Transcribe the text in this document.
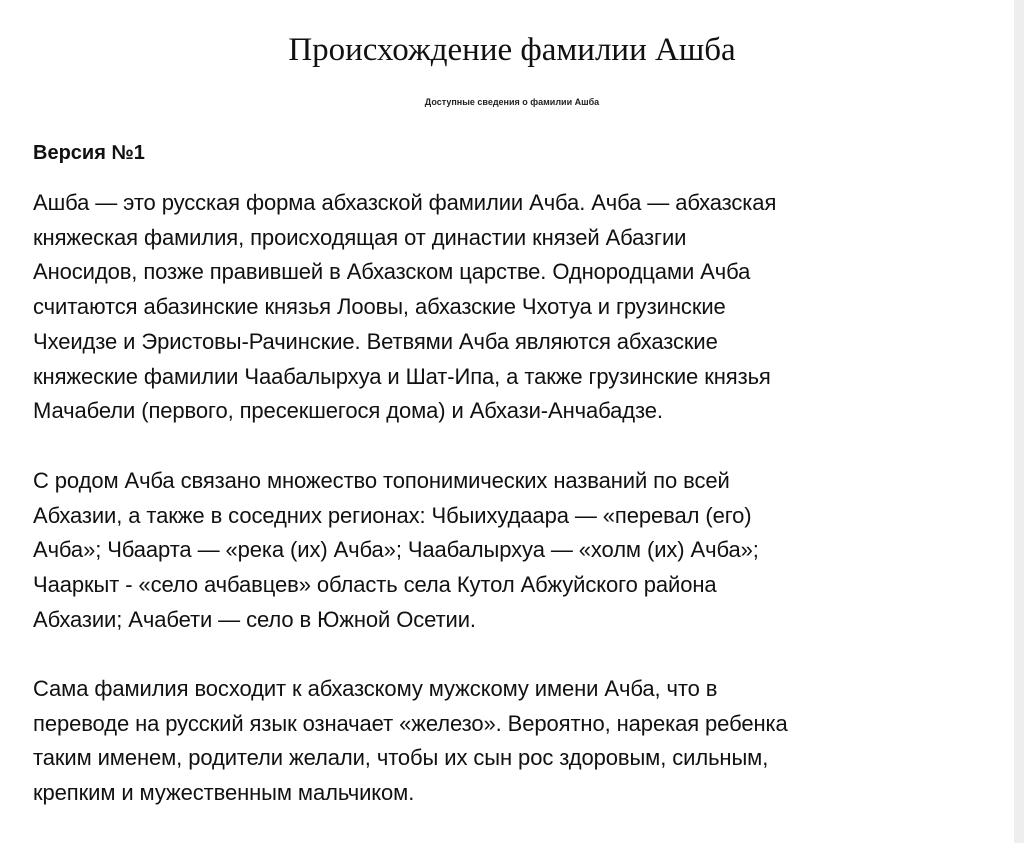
Происхождение фамилии Ашба
Доступные сведения о фамилии Ашба
Версия №1

Ашба — это русская форма абхазской фамилии Ачба. Ачба — абхазская
княжеская фамилия, происходящая от династии князей Абазгии
Аносидов, позже правившей в Абхазском царстве. Однородцами Ачба
считаются абазинские князья Лоовы, абхазские Чхотуа и грузинские
Чхеидзе и Эристовы-Рачинские. Ветвями Ачба являются абхазские
княжеские фамилии Чаабалырхуа и Шат-Ипа, а также грузинские князья
Мачабели (первого, пресекшегося дома) и Абхази-Анчабадзе.

С родом Ачба связано множество топонимических названий по всей
Абхазии, а также в соседних регионах: Чбыихудаара — «перевал (его)
Ачба»; Чбаарта — «река (их) Ачба»; Чаабалырхуа — «холм (их) Ачба»;
Чааркыт - «село ачбавцев» область села Кутол Абжуйского района
Абхазии; Ачабети — село в Южной Осетии.

Сама фамилия восходит к абхазскому мужскому имени Ачба, что в
переводе на русский язык означает «железо». Вероятно, нарекая ребенка
таким именем, родители желали, чтобы их сын рос здоровым, сильным,
крепким и мужественным мальчиком.
